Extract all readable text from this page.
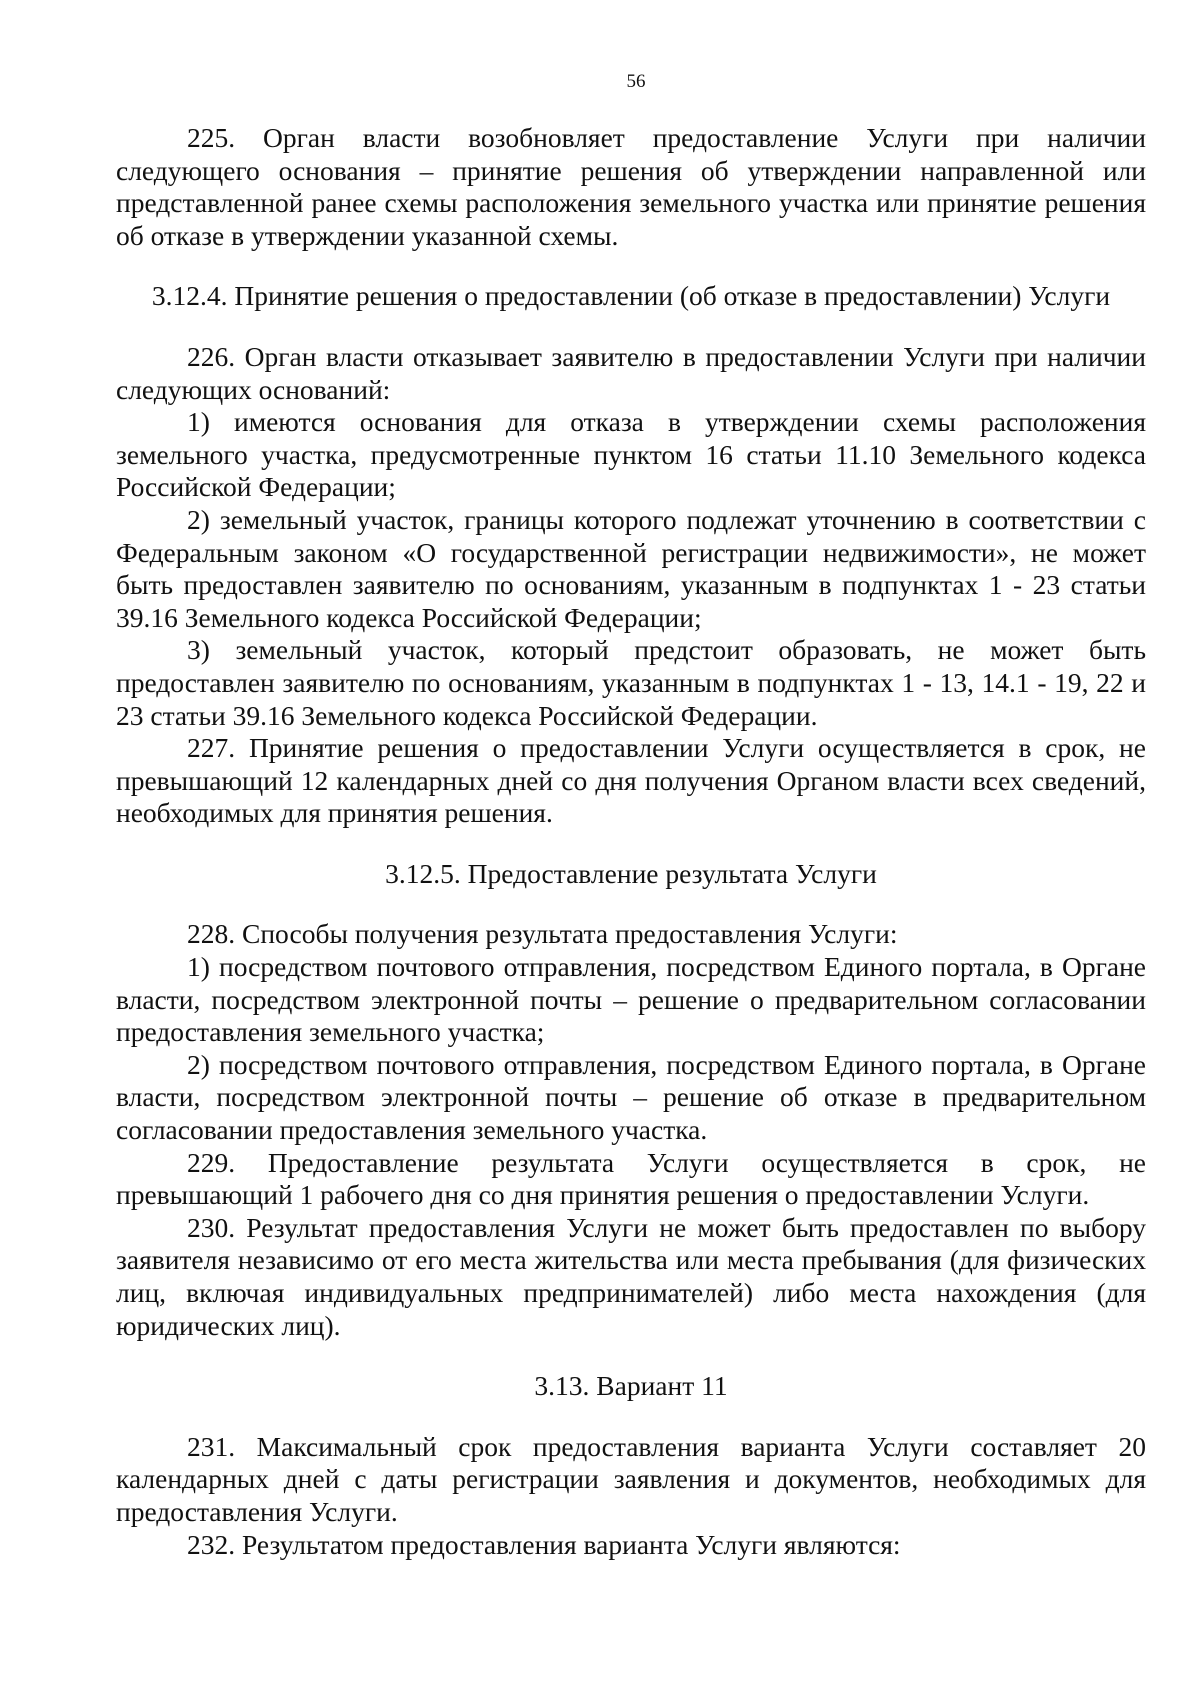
56

225. Орган власти возобновляет предоставление Услуги при наличии следующего основания – принятие решения об утверждении направленной или представленной ранее схемы расположения земельного участка или принятие решения об отказе в утверждении указанной схемы.

3.12.4. Принятие решения о предоставлении (об отказе в предоставлении) Услуги

226. Орган власти отказывает заявителю в предоставлении Услуги при наличии следующих оснований:

1) имеются основания для отказа в утверждении схемы расположения земельного участка, предусмотренные пунктом 16 статьи 11.10 Земельного кодекса Российской Федерации;

2) земельный участок, границы которого подлежат уточнению в соответствии с Федеральным законом «О государственной регистрации недвижимости», не может быть предоставлен заявителю по основаниям, указанным в подпунктах 1 - 23 статьи 39.16 Земельного кодекса Российской Федерации;

3) земельный участок, который предстоит образовать, не может быть предоставлен заявителю по основаниям, указанным в подпунктах 1 - 13, 14.1 - 19, 22 и 23 статьи 39.16 Земельного кодекса Российской Федерации.

227. Принятие решения о предоставлении Услуги осуществляется в срок, не превышающий 12 календарных дней со дня получения Органом власти всех сведений, необходимых для принятия решения.

3.12.5. Предоставление результата Услуги

228. Способы получения результата предоставления Услуги:

1) посредством почтового отправления, посредством Единого портала, в Органе власти, посредством электронной почты – решение о предварительном согласовании предоставления земельного участка;

2) посредством почтового отправления, посредством Единого портала, в Органе власти, посредством электронной почты – решение об отказе в предварительном согласовании предоставления земельного участка.

229. Предоставление результата Услуги осуществляется в срок, не превышающий 1 рабочего дня со дня принятия решения о предоставлении Услуги.

230. Результат предоставления Услуги не может быть предоставлен по выбору заявителя независимо от его места жительства или места пребывания (для физических лиц, включая индивидуальных предпринимателей) либо места нахождения (для юридических лиц).

3.13. Вариант 11

231. Максимальный срок предоставления варианта Услуги составляет 20 календарных дней с даты регистрации заявления и документов, необходимых для предоставления Услуги.

232. Результатом предоставления варианта Услуги являются:
